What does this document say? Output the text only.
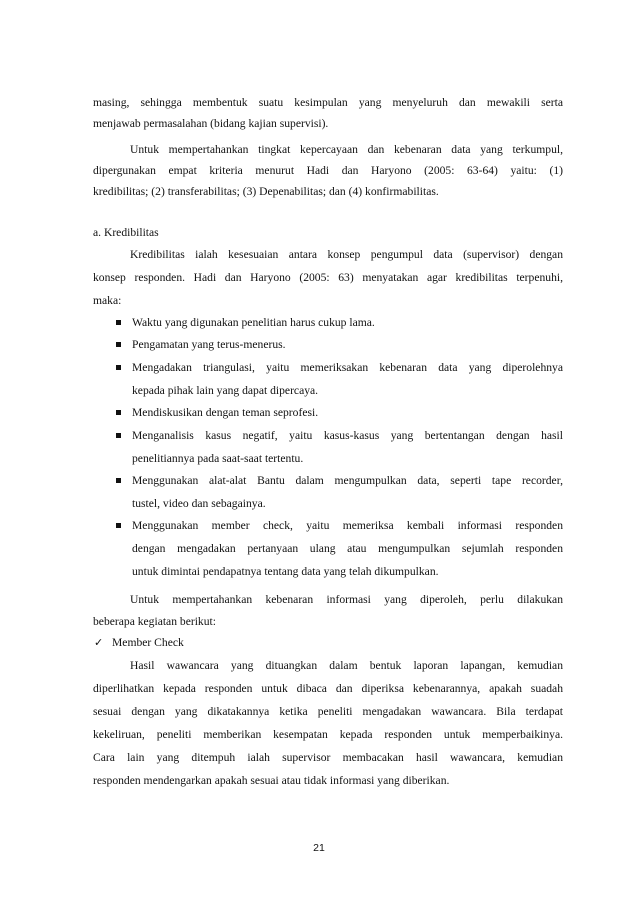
masing, sehingga membentuk suatu kesimpulan yang menyeluruh dan mewakili serta
menjawab permasalahan (bidang kajian supervisi).
Untuk mempertahankan tingkat kepercayaan dan kebenaran data yang terkumpul,
dipergunakan empat kriteria menurut Hadi dan Haryono (2005: 63-64) yaitu: (1)
kredibilitas; (2) transferabilitas; (3) Depenabilitas; dan (4) konfirmabilitas.
a. Kredibilitas
Kredibilitas ialah kesesuaian antara konsep pengumpul data (supervisor) dengan
konsep responden. Hadi dan Haryono (2005: 63) menyatakan agar kredibilitas terpenuhi,
maka:
Waktu yang digunakan penelitian harus cukup lama.
Pengamatan yang terus-menerus.
Mengadakan triangulasi, yaitu memeriksakan kebenaran data yang diperolehnya
kepada pihak lain yang dapat dipercaya.
Mendiskusikan dengan teman seprofesi.
Menganalisis kasus negatif, yaitu kasus-kasus yang bertentangan dengan hasil
penelitiannya pada saat-saat tertentu.
Menggunakan alat-alat Bantu dalam mengumpulkan data, seperti tape recorder,
tustel, video dan sebagainya.
Menggunakan member check, yaitu memeriksa kembali informasi responden
dengan mengadakan pertanyaan ulang atau mengumpulkan sejumlah responden
untuk dimintai pendapatnya tentang data yang telah dikumpulkan.
Untuk mempertahankan kebenaran informasi yang diperoleh, perlu dilakukan
beberapa kegiatan berikut:
✓ Member Check
Hasil wawancara yang dituangkan dalam bentuk laporan lapangan, kemudian
diperlihatkan kepada responden untuk dibaca dan diperiksa kebenarannya, apakah suadah
sesuai dengan yang dikatakannya ketika peneliti mengadakan wawancara. Bila terdapat
kekeliruan, peneliti memberikan kesempatan kepada responden untuk memperbaikinya.
Cara lain yang ditempuh ialah supervisor membacakan hasil wawancara, kemudian
responden mendengarkan apakah sesuai atau tidak informasi yang diberikan.
21
